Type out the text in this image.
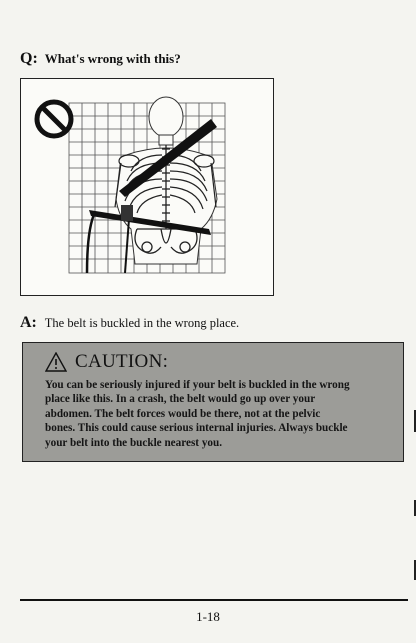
Q: What's wrong with this?
A: The belt is buckled in the wrong place.
CAUTION:
You can be seriously injured if your belt is buckled in the wrong
place like this. In a crash, the belt would go up over your
abdomen. The belt forces would be there, not at the pelvic
bones. This could cause serious internal injuries. Always buckle
your belt into the buckle nearest you.
1-18
